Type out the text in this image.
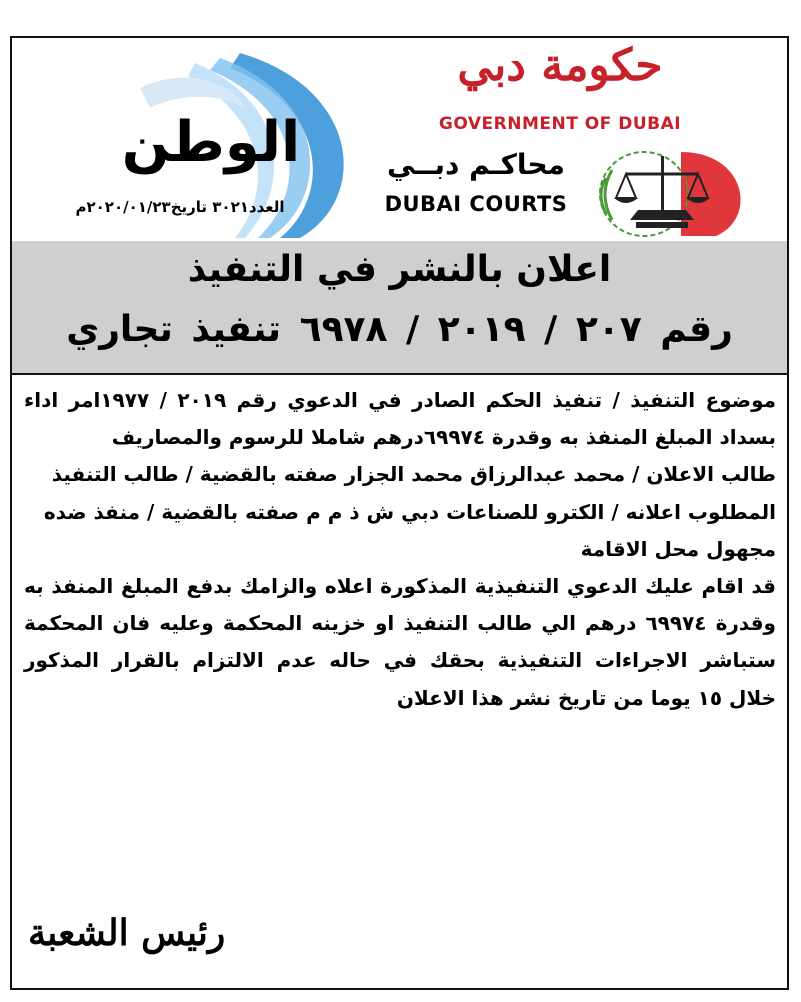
الوطن
العدد٣٠٢١ تاريخ٢٠٢٠/٠١/٢٣م
حكومة دبي
GOVERNMENT OF DUBAI
محاكـم دبــي
DUBAI COURTS
اعلان بالنشر في التنفيذ
رقم ٢٠٧ / ٢٠١٩ / ٦٩٧٨ تنفيذ تجاري

موضوع التنفيذ / تنفيذ الحكم الصادر في الدعوي رقم ٢٠١٩ / ١٩٧٧امر اداء بسداد المبلغ المنفذ به وقدرة ٦٩٩٧٤درهم شاملا للرسوم والمصاريف

طالب الاعلان / محمد عبدالرزاق محمد الجزار صفته بالقضية / طالب التنفيذ

المطلوب اعلانه / الكترو للصناعات دبي ش ذ م م صفته بالقضية / منفذ ضده

مجهول محل الاقامة

قد اقام عليك الدعوي التنفيذية المذكورة اعلاه والزامك بدفع المبلغ المنفذ به وقدرة ٦٩٩٧٤ درهم الي طالب التنفيذ او خزينه المحكمة وعليه فان المحكمة ستباشر الاجراءات التنفيذية بحقك في حاله عدم الالتزام بالقرار المذكور خلال ١٥ يوما من تاريخ نشر هذا الاعلان

رئيس الشعبة
